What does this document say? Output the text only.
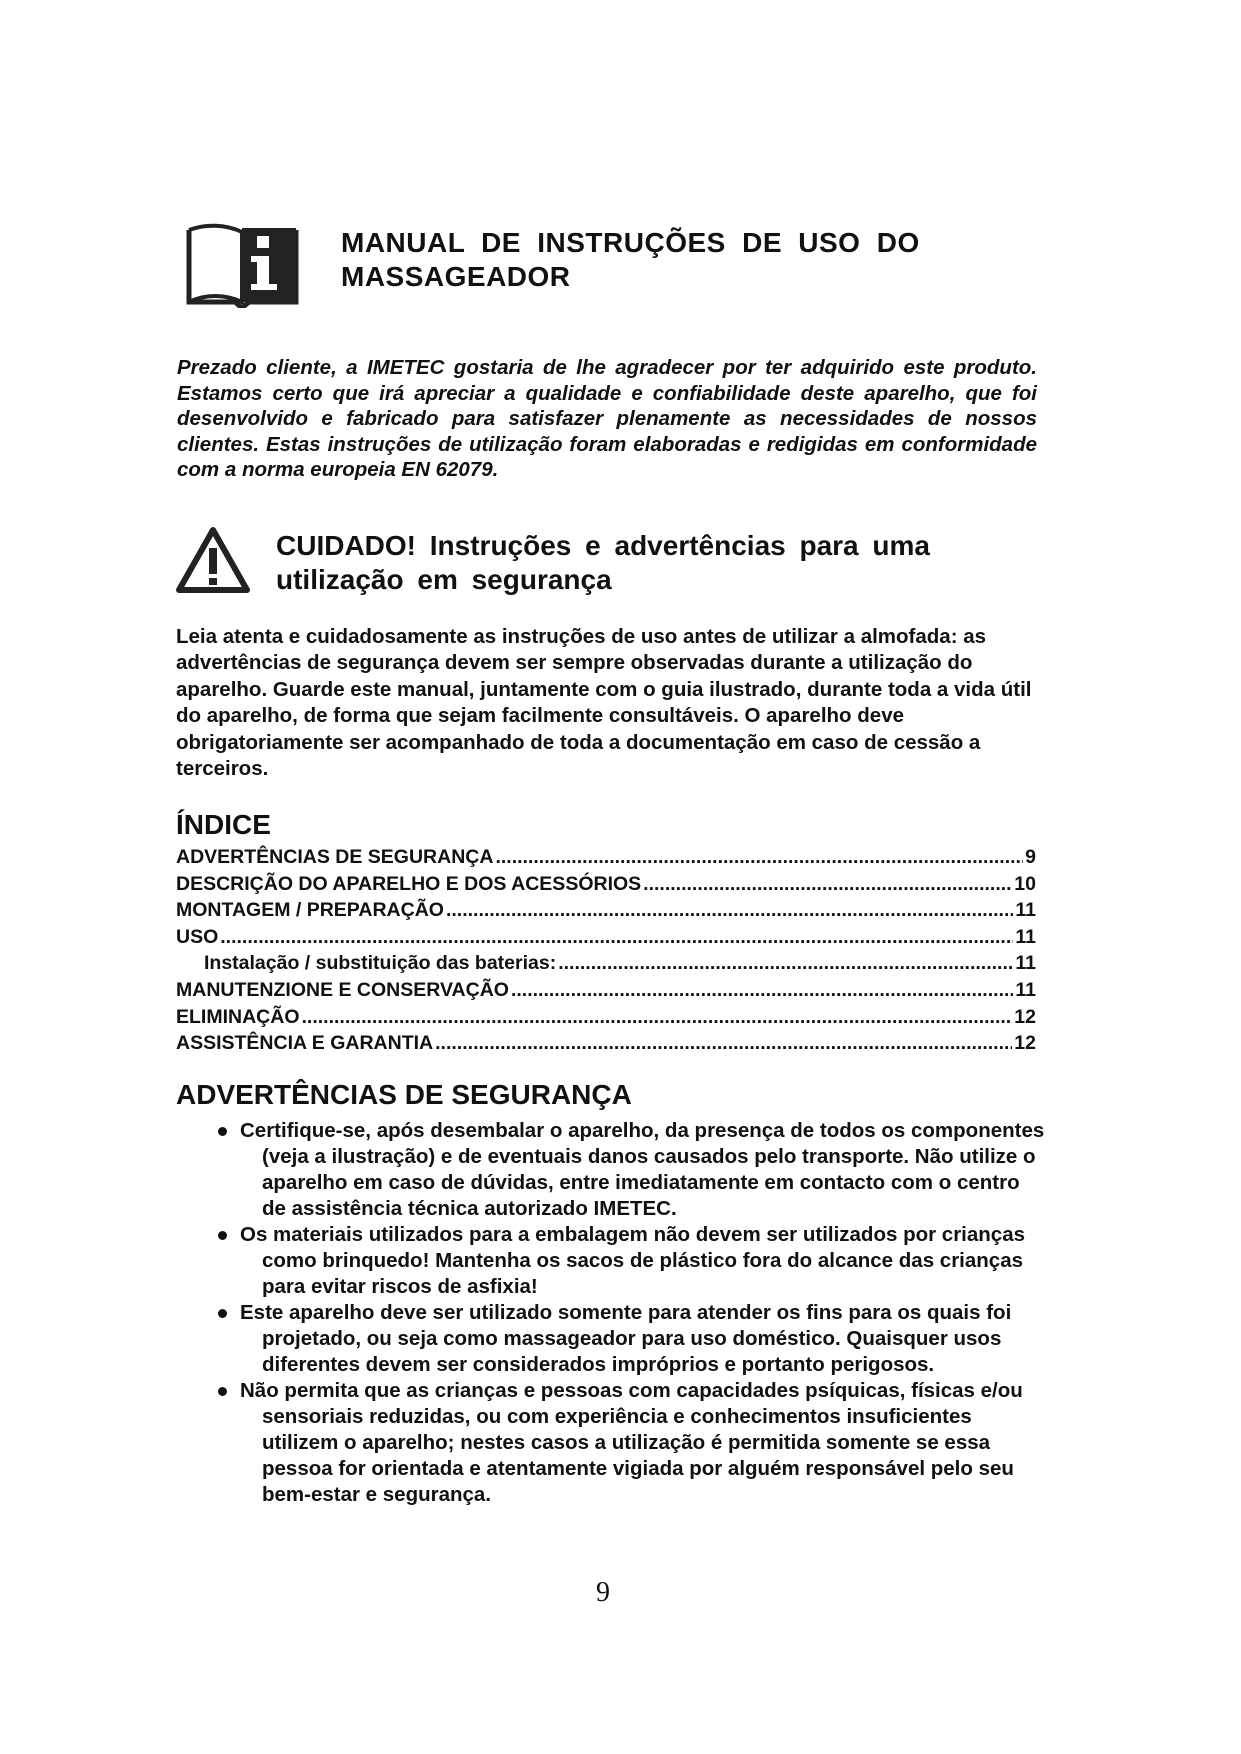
MANUAL DE INSTRUÇÕES DE USO DO MASSAGEADOR

Prezado cliente, a IMETEC gostaria de lhe agradecer por ter adquirido este produto. Estamos certo que irá apreciar a qualidade e confiabilidade deste aparelho, que foi desenvolvido e fabricado para satisfazer plenamente as necessidades de nossos clientes. Estas instruções de utilização foram elaboradas e redigidas em conformidade com a norma europeia EN 62079.

CUIDADO! Instruções e advertências para uma utilização em segurança

Leia atenta e cuidadosamente as instruções de uso antes de utilizar a almofada: as advertências de segurança devem ser sempre observadas durante a utilização do aparelho. Guarde este manual, juntamente com o guia ilustrado, durante toda a vida útil do aparelho, de forma que sejam facilmente consultáveis. O aparelho deve obrigatoriamente ser acompanhado de toda a documentação em caso de cessão a terceiros.

ÍNDICE
ADVERTÊNCIAS DE SEGURANÇA .....	9
DESCRIÇÃO DO APARELHO E DOS ACESSÓRIOS .....	10
MONTAGEM / PREPARAÇÃO .....	11
USO .....	11
Instalação / substituição das baterias: .....	11
MANUTENZIONE E CONSERVAÇÃO .....	11
ELIMINAÇÃO .....	12
ASSISTÊNCIA E GARANTIA .....	12
ADVERTÊNCIAS DE SEGURANÇA
Certifique-se, após desembalar o aparelho, da presença de todos os componentes (veja a ilustração) e de eventuais danos causados pelo transporte. Não utilize o aparelho em caso de dúvidas, entre imediatamente em contacto com o centro de assistência técnica autorizado IMETEC.
Os materiais utilizados para a embalagem não devem ser utilizados por crianças como brinquedo! Mantenha os sacos de plástico fora do alcance das crianças para evitar riscos de asfixia!
Este aparelho deve ser utilizado somente para atender os fins para os quais foi projetado, ou seja como massageador para uso doméstico. Quaisquer usos diferentes devem ser considerados impróprios e portanto perigosos.
Não permita que as crianças e pessoas com capacidades psíquicas, físicas e/ou sensoriais reduzidas, ou com experiência e conhecimentos insuficientes utilizem o aparelho; nestes casos a utilização é permitida somente se essa pessoa for orientada e atentamente vigiada por alguém responsável pelo seu bem-estar e segurança.

9
